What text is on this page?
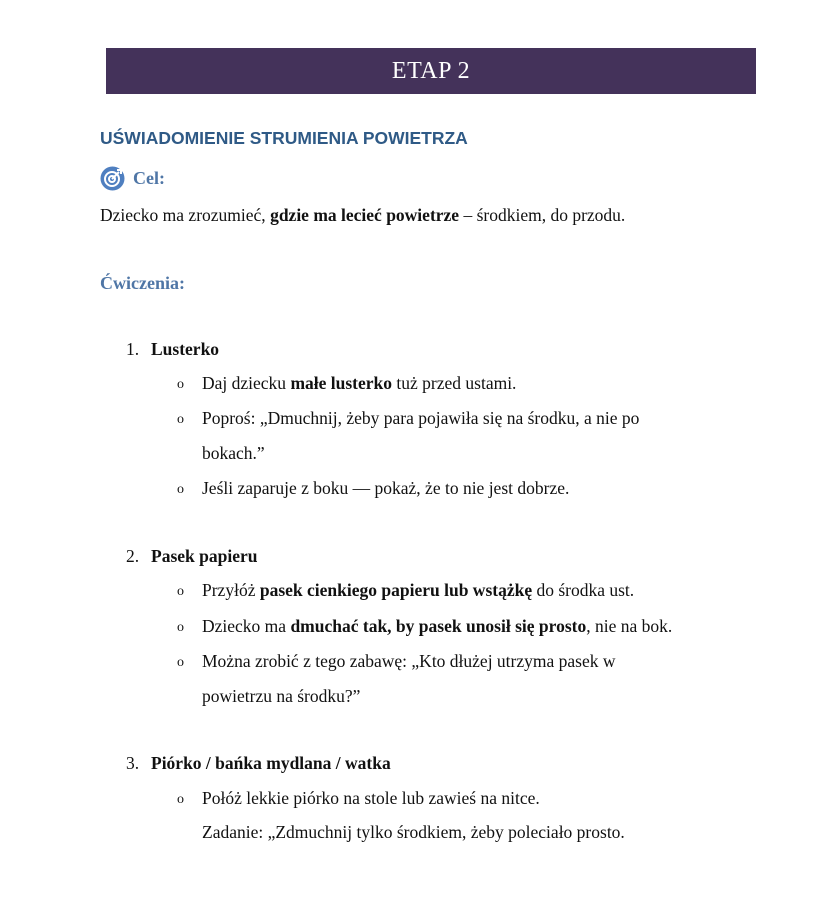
ETAP 2
UŚWIADOMIENIE STRUMIENIA POWIETRZA
Cel:
Dziecko ma zrozumieć, gdzie ma lecieć powietrze – środkiem, do przodu.
Ćwiczenia:
1. Lusterko
o Daj dziecku małe lusterko tuż przed ustami.
o Poproś: „Dmuchnij, żeby para pojawiła się na środku, a nie po
bokach.”
o Jeśli zaparuje z boku — pokaż, że to nie jest dobrze.
2. Pasek papieru
o Przyłóż pasek cienkiego papieru lub wstążkę do środka ust.
o Dziecko ma dmuchać tak, by pasek unosił się prosto, nie na bok.
o Można zrobić z tego zabawę: „Kto dłużej utrzyma pasek w
powietrzu na środku?”
3. Piórko / bańka mydlana / watka
o Połóż lekkie piórko na stole lub zawieś na nitce.
Zadanie: „Zdmuchnij tylko środkiem, żeby poleciało prosto.
